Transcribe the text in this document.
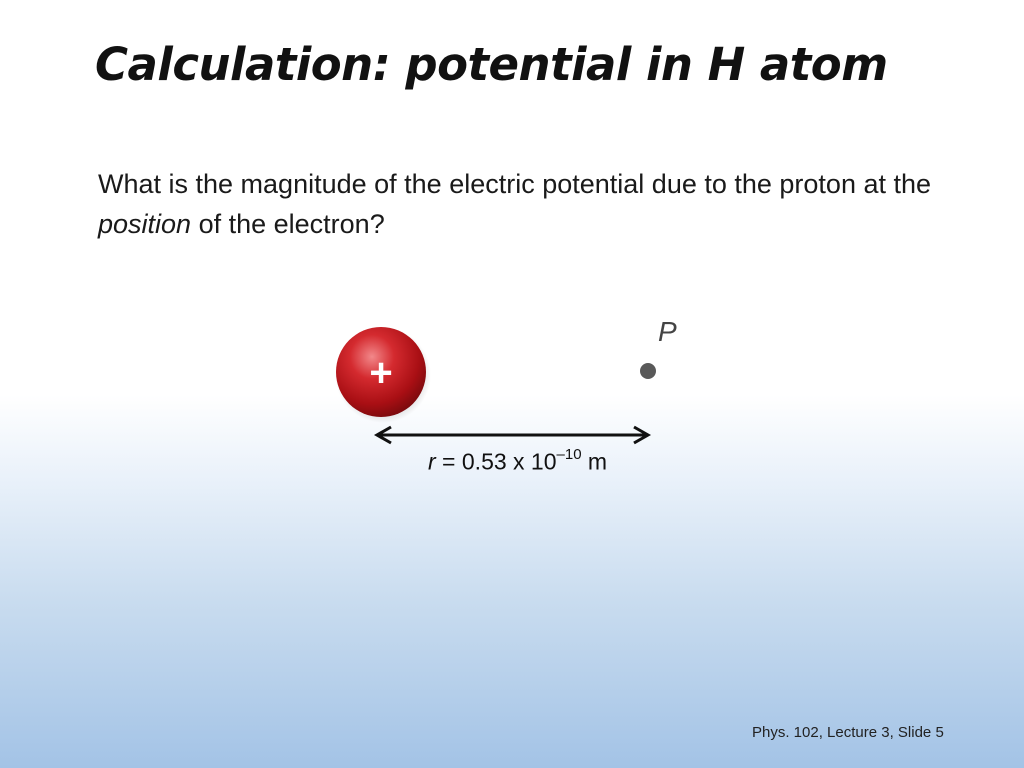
Calculation: potential in H atom

What is the magnitude of the electric potential due to the proton at the position of the electron?

+
P
r = 0.53 x $10^{-10}$ m
Phys. 102, Lecture 3, Slide 5
